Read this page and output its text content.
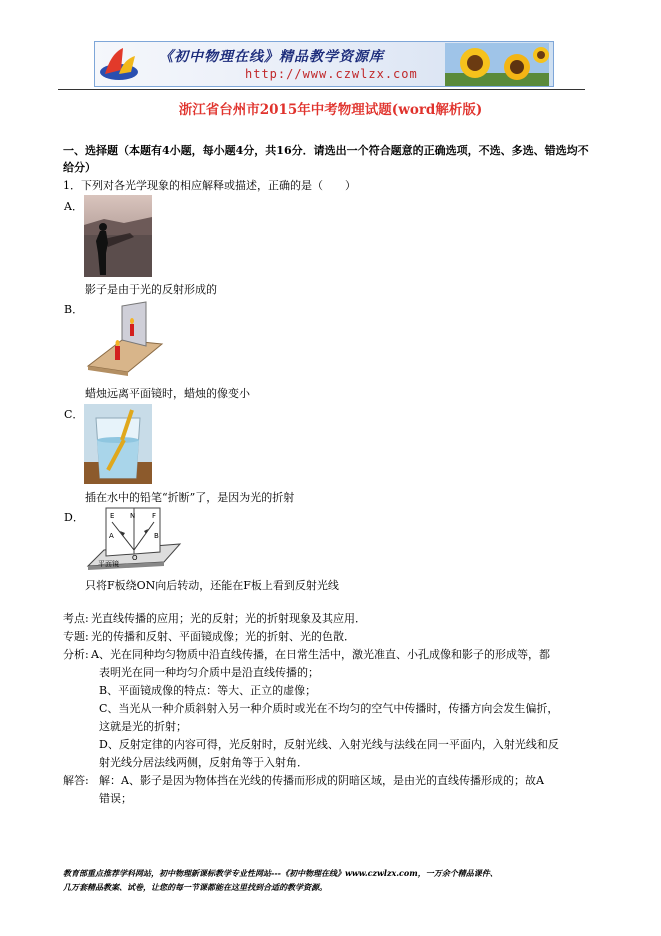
《初中物理在线》精品教学资源库
http://www.czwlzx.com
浙江省台州市2015年中考物理试题(word解析版)
一、选择题（本题有4小题，每小题4分，共16分．请选出一个符合题意的正确选项，不选、多选、错选均不给分）
1．下列对各光学现象的相应解释或描述，正确的是（　　）
A．
影子是由于光的反射形成的
B．
蜡烛远离平面镜时，蜡烛的像变小
C．
插在水中的铅笔“折断”了，是因为光的折射
D．	E N F
A	B
O
平面镜
只将F板绕ON向后转动，还能在F板上看到反射光线
考点: 光直线传播的应用；光的反射；光的折射现象及其应用．
专题: 光的传播和反射、平面镜成像；光的折射、光的色散．
分析: A、光在同种均匀物质中沿直线传播，在日常生活中，激光准直、小孔成像和影子的形成等，都
表明光在同一种均匀介质中是沿直线传播的；
B、平面镜成像的特点：等大、正立的虚像；
C、当光从一种介质斜射入另一种介质时或光在不均匀的空气中传播时，传播方向会发生偏折，
这就是光的折射；
D、反射定律的内容可得，光反射时，反射光线、入射光线与法线在同一平面内，入射光线和反
射光线分居法线两侧，反射角等于入射角．
解答: 解：A、影子是因为物体挡在光线的传播而形成的阴暗区域，是由光的直线传播形成的；故A
错误；
教育部重点推荐学科网站，初中物理新课标教学专业性网站---《初中物理在线》www.czwlzx.com，一万余个精品课件、
几万套精品教案、试卷，让您的每一节课都能在这里找到合适的教学资源。
